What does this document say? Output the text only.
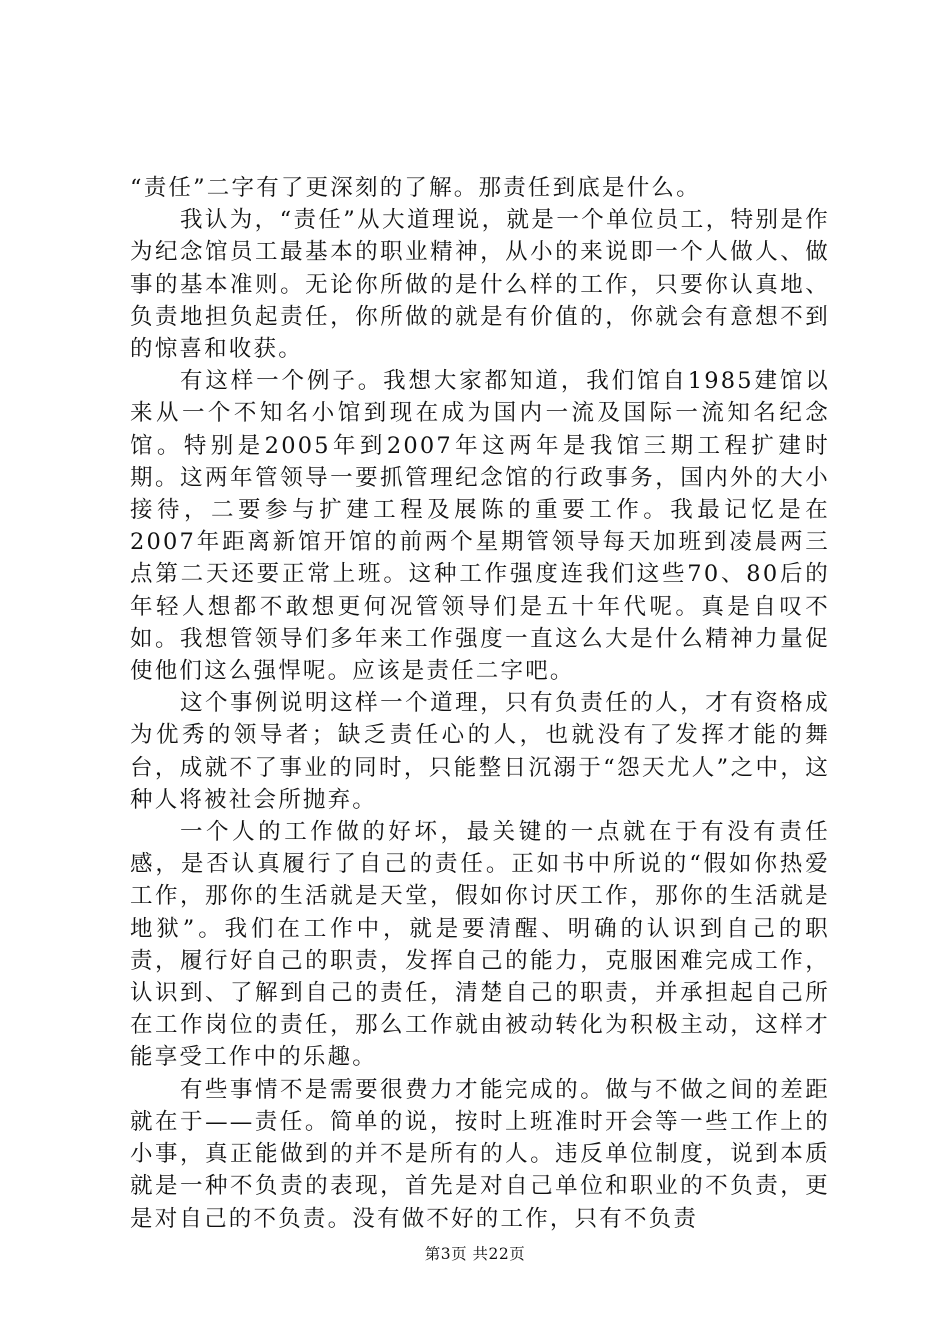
“责任”二字有了更深刻的了解。那责任到底是什么。

我认为，“责任”从大道理说，就是一个单位员工，特别是作为纪念馆员工最基本的职业精神，从小的来说即一个人做人、做事的基本准则。无论你所做的是什么样的工作，只要你认真地、负责地担负起责任，你所做的就是有价值的，你就会有意想不到的惊喜和收获。

有这样一个例子。我想大家都知道，我们馆自1985建馆以来从一个不知名小馆到现在成为国内一流及国际一流知名纪念馆。特别是2005年到2007年这两年是我馆三期工程扩建时期。这两年管领导一要抓管理纪念馆的行政事务，国内外的大小接待，二要参与扩建工程及展陈的重要工作。我最记忆是在2007年距离新馆开馆的前两个星期管领导每天加班到凌晨两三点第二天还要正常上班。这种工作强度连我们这些70、80后的年轻人想都不敢想更何况管领导们是五十年代呢。真是自叹不如。我想管领导们多年来工作强度一直这么大是什么精神力量促使他们这么强悍呢。应该是责任二字吧。

这个事例说明这样一个道理，只有负责任的人，才有资格成为优秀的领导者；缺乏责任心的人，也就没有了发挥才能的舞台，成就不了事业的同时，只能整日沉溺于“怨天尤人”之中，这种人将被社会所抛弃。

一个人的工作做的好坏，最关键的一点就在于有没有责任感，是否认真履行了自己的责任。正如书中所说的“假如你热爱工作，那你的生活就是天堂，假如你讨厌工作，那你的生活就是地狱”。我们在工作中，就是要清醒、明确的认识到自己的职责，履行好自己的职责，发挥自己的能力，克服困难完成工作，认识到、了解到自己的责任，清楚自己的职责，并承担起自己所在工作岗位的责任，那么工作就由被动转化为积极主动，这样才能享受工作中的乐趣。

有些事情不是需要很费力才能完成的。做与不做之间的差距就在于——责任。简单的说，按时上班准时开会等一些工作上的小事，真正能做到的并不是所有的人。违反单位制度，说到本质就是一种不负责的表现，首先是对自己单位和职业的不负责，更是对自己的不负责。没有做不好的工作，只有不负责

第3页 共22页
